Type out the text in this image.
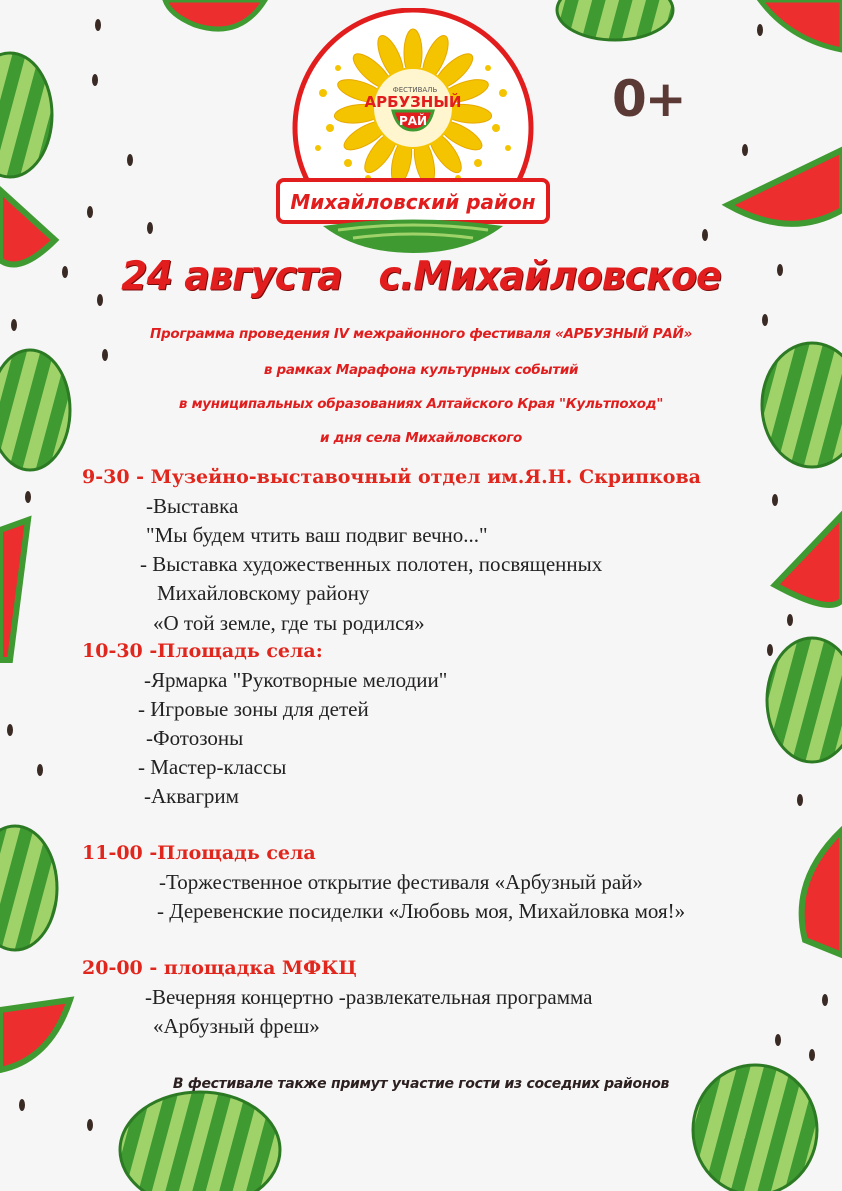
ФЕСТИВАЛЬ
АРБУЗНЫЙ
РАЙ
Михайловский район
0+
24 августа с.Михайловское
Программа проведения IV межрайонного фестиваля «АРБУЗНЫЙ РАЙ»
в рамках Марафона культурных событий
в муниципальных образованиях Алтайского Края "Культпоход"
и дня села Михайловского
9-30 - Музейно-выставочный отдел им.Я.Н. Скрипкова
-Выставка
"Мы будем чтить ваш подвиг вечно..."
- Выставка художественных полотен, посвященных
Михайловскому району
«О той земле, где ты родился»
10-30 -Площадь села:
-Ярмарка "Рукотворные мелодии"
- Игровые зоны для детей
-Фотозоны
- Мастер-классы
-Аквагрим
11-00 -Площадь села
-Торжественное открытие фестиваля «Арбузный рай»
- Деревенские посиделки «Любовь моя, Михайловка моя!»
20-00 - площадка МФКЦ
-Вечерняя концертно -развлекательная программа
«Арбузный фреш»
В фестивале также примут участие гости из соседних районов
